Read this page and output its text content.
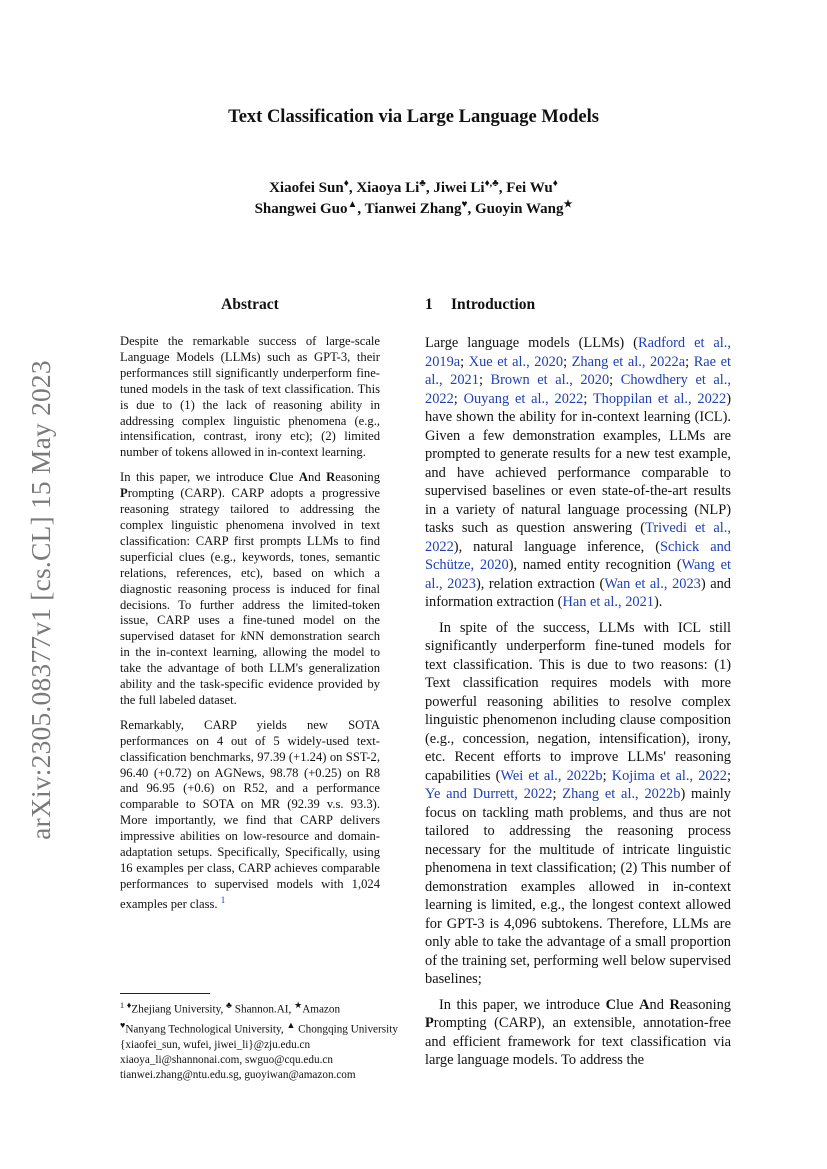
arXiv:2305.08377v1 [cs.CL] 15 May 2023
Text Classification via Large Language Models
Xiaofei Sun♦, Xiaoya Li♣, Jiwei Li♦,♣, Fei Wu♦
Shangwei Guo▲, Tianwei Zhang♥, Guoyin Wang★
Abstract

Despite the remarkable success of large-scale Language Models (LLMs) such as GPT-3, their performances still significantly underperform fine-tuned models in the task of text classification. This is due to (1) the lack of reasoning ability in addressing complex linguistic phenomena (e.g., intensification, contrast, irony etc); (2) limited number of tokens allowed in in-context learning.

In this paper, we introduce Clue And Reasoning Prompting (CARP). CARP adopts a progressive reasoning strategy tailored to addressing the complex linguistic phenomena involved in text classification: CARP first prompts LLMs to find superficial clues (e.g., keywords, tones, semantic relations, references, etc), based on which a diagnostic reasoning process is induced for final decisions. To further address the limited-token issue, CARP uses a fine-tuned model on the supervised dataset for kNN demonstration search in the in-context learning, allowing the model to take the advantage of both LLM's generalization ability and the task-specific evidence provided by the full labeled dataset.

Remarkably, CARP yields new SOTA performances on 4 out of 5 widely-used text-classification benchmarks, 97.39 (+1.24) on SST-2, 96.40 (+0.72) on AGNews, 98.78 (+0.25) on R8 and 96.95 (+0.6) on R52, and a performance comparable to SOTA on MR (92.39 v.s. 93.3). More importantly, we find that CARP delivers impressive abilities on low-resource and domain-adaptation setups. Specifically, Specifically, using 16 examples per class, CARP achieves comparable performances to supervised models with 1,024 examples per class. $^1$

1 Introduction

Large language models (LLMs) (Radford et al., 2019a; Xue et al., 2020; Zhang et al., 2022a; Rae et al., 2021; Brown et al., 2020; Chowdhery et al., 2022; Ouyang et al., 2022; Thoppilan et al., 2022) have shown the ability for in-context learning (ICL). Given a few demonstration examples, LLMs are prompted to generate results for a new test example, and have achieved performance comparable to supervised baselines or even state-of-the-art results in a variety of natural language processing (NLP) tasks such as question answering (Trivedi et al., 2022), natural language inference, (Schick and Schütze, 2020), named entity recognition (Wang et al., 2023), relation extraction (Wan et al., 2023) and information extraction (Han et al., 2021).

In spite of the success, LLMs with ICL still significantly underperform fine-tuned models for text classification. This is due to two reasons: (1) Text classification requires models with more powerful reasoning abilities to resolve complex linguistic phenomenon including clause composition (e.g., concession, negation, intensification), irony, etc. Recent efforts to improve LLMs' reasoning capabilities (Wei et al., 2022b; Kojima et al., 2022; Ye and Durrett, 2022; Zhang et al., 2022b) mainly focus on tackling math problems, and thus are not tailored to addressing the reasoning process necessary for the multitude of intricate linguistic phenomena in text classification; (2) This number of demonstration examples allowed in in-context learning is limited, e.g., the longest context allowed for GPT-3 is 4,096 subtokens. Therefore, LLMs are only able to take the advantage of a small proportion of the training set, performing well below supervised baselines;

In this paper, we introduce Clue And Reasoning Prompting (CARP), an extensible, annotation-free and efficient framework for text classification via large language models. To address the

$^1$ ♦Zhejiang University, ♣ Shannon.AI, ★Amazon
♥Nanyang Technological University, ▲ Chongqing University
{xiaofei_sun, wufei, jiwei_li}@zju.edu.cn
xiaoya_li@shannonai.com, swguo@cqu.edu.cn
tianwei.zhang@ntu.edu.sg, guoyiwan@amazon.com
